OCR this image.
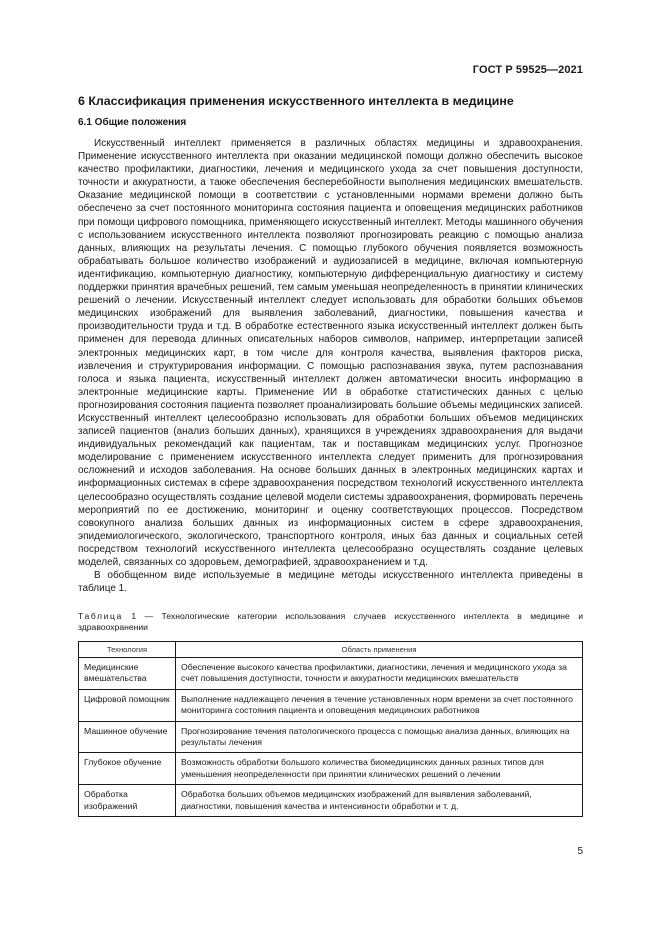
ГОСТ Р 59525—2021
6 Классификация применения искусственного интеллекта в медицине
6.1 Общие положения

Искусственный интеллект применяется в различных областях медицины и здравоохранения. Применение искусственного интеллекта при оказании медицинской помощи должно обеспечить высокое качество профилактики, диагностики, лечения и медицинского ухода за счет повышения доступности, точности и аккуратности, а также обеспечения бесперебойности выполнения медицинских вмешательств. Оказание медицинской помощи в соответствии с установленными нормами времени должно быть обеспечено за счет постоянного мониторинга состояния пациента и оповещения медицинских работников при помощи цифрового помощника, применяющего искусственный интеллект. Методы машинного обучения с использованием искусственного интеллекта позволяют прогнозировать реакцию с помощью анализа данных, влияющих на результаты лечения. С помощью глубокого обучения появляется возможность обрабатывать большое количество изображений и аудиозаписей в медицине, включая компьютерную идентификацию, компьютерную диагностику, компьютерную дифференциальную диагностику и систему поддержки принятия врачебных решений, тем самым уменьшая неопределенность в принятии клинических решений о лечении. Искусственный интеллект следует использовать для обработки больших объемов медицинских изображений для выявления заболеваний, диагностики, повышения качества и производительности труда и т.д. В обработке естественного языка искусственный интеллект должен быть применен для перевода длинных описательных наборов символов, например, интерпретации записей электронных медицинских карт, в том числе для контроля качества, выявления факторов риска, извлечения и структурирования информации. С помощью распознавания звука, путем распознавания голоса и языка пациента, искусственный интеллект должен автоматически вносить информацию в электронные медицинские карты. Применение ИИ в обработке статистических данных с целью прогнозирования состояния пациента позволяет проанализировать большие объемы медицинских записей. Искусственный интеллект целесообразно использовать для обработки больших объемов медицинских записей пациентов (анализ больших данных), хранящихся в учреждениях здравоохранения для выдачи индивидуальных рекомендаций как пациентам, так и поставщикам медицинских услуг. Прогнозное моделирование с применением искусственного интеллекта следует применить для прогнозирования осложнений и исходов заболевания. На основе больших данных в электронных медицинских картах и информационных системах в сфере здравоохранения посредством технологий искусственного интеллекта целесообразно осуществлять создание целевой модели системы здравоохранения, формировать перечень мероприятий по ее достижению, мониторинг и оценку соответствующих процессов. Посредством совокупного анализа больших данных из информационных систем в сфере здравоохранения, эпидемиологического, экологического, транспортного контроля, иных баз данных и социальных сетей посредством технологий искусственного интеллекта целесообразно осуществлять создание целевых моделей, связанных со здоровьем, демографией, здравоохранением и т.д.

В обобщенном виде используемые в медицине методы искусственного интеллекта приведены в таблице 1.

Таблица 1 — Технологические категории использования случаев искусственного интеллекта в медицине и здравоохранении
Технология	Область применения
Медицинские вмешательства	Обеспечение высокого качества профилактики, диагностики, лечения и медицинского ухода за счет повышения доступности, точности и аккуратности медицинских вмешательств
Цифровой помощник	Выполнение надлежащего лечения в течение установленных норм времени за счет постоянного мониторинга состояния пациента и оповещения медицинских работников
Машинное обучение	Прогнозирование течения патологического процесса с помощью анализа данных, влияющих на результаты лечения
Глубокое обучение	Возможность обработки большого количества биомедицинских данных разных типов для уменьшения неопределенности при принятии клинических решений о лечении
Обработка изображений	Обработка больших объемов медицинских изображений для выявления заболеваний, диагностики, повышения качества и интенсивности обработки и т. д.
5
